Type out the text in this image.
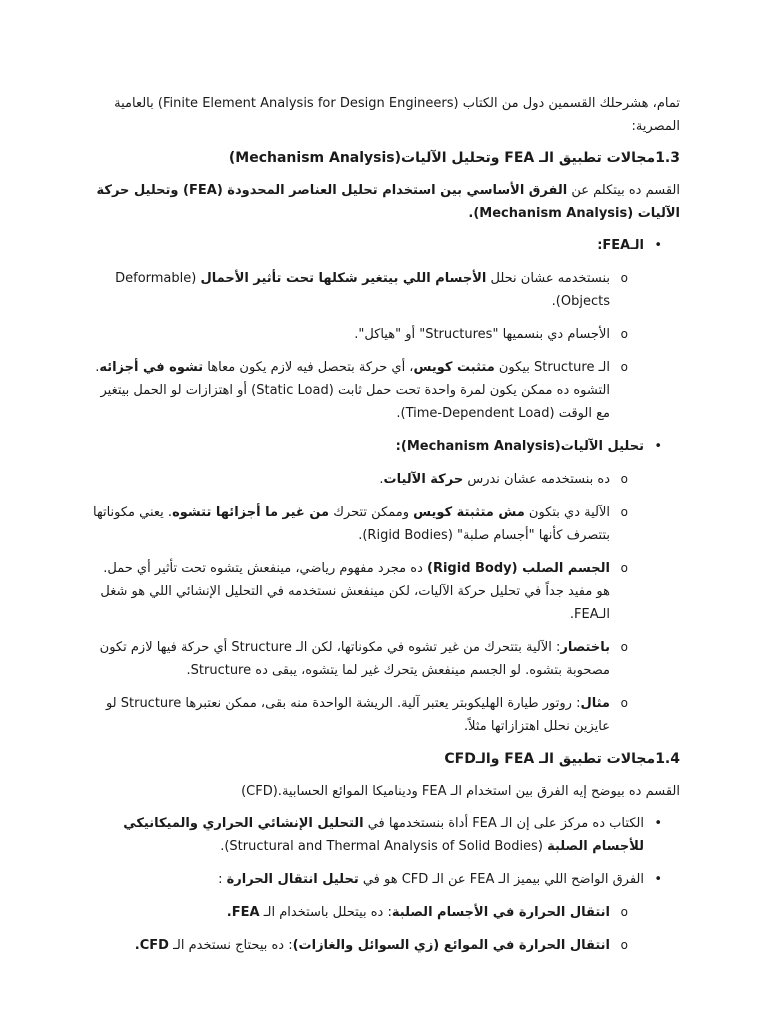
تمام، هشرحلك القسمين دول من الكتاب (Finite Element Analysis for Design Engineers) بالعامية المصرية:

1.3مجالات تطبيق الـ FEA وتحليل الآليات(Mechanism Analysis)

القسم ده بيتكلم عن الفرق الأساسي بين استخدام تحليل العناصر المحدودة (FEA) وتحليل حركة الآليات (Mechanism Analysis).

• الـFEA:
o بنستخدمه عشان نحلل الأجسام اللي بيتغير شكلها تحت تأثير الأحمال (Deformable Objects).
o الأجسام دي بنسميها "Structures" أو "هياكل".
o الـ Structure بيكون متثبت كويس، أي حركة بتحصل فيه لازم يكون معاها تشوه في أجزائه. التشوه ده ممكن يكون لمرة واحدة تحت حمل ثابت (Static Load) أو اهتزازات لو الحمل بيتغير مع الوقت (Time-Dependent Load).
• تحليل الآليات(Mechanism Analysis):
o ده بنستخدمه عشان ندرس حركة الآليات.
o الآلية دي بتكون مش متثبتة كويس وممكن تتحرك من غير ما أجزائها تتشوه. يعني مكوناتها بتتصرف كأنها "أجسام صلبة" (Rigid Bodies).
o الجسم الصلب (Rigid Body) ده مجرد مفهوم رياضي، مينفعش يتشوه تحت تأثير أي حمل. هو مفيد جداً في تحليل حركة الآليات، لكن مينفعش نستخدمه في التحليل الإنشائي اللي هو شغل الـFEA.
o باختصار: الآلية بتتحرك من غير تشوه في مكوناتها، لكن الـ Structure أي حركة فيها لازم تكون مصحوبة بتشوه. لو الجسم مينفعش يتحرك غير لما يتشوه، يبقى ده Structure.
o مثال: روتور طيارة الهليكوبتر يعتبر آلية. الريشة الواحدة منه بقى، ممكن نعتبرها Structure لو عايزين نحلل اهتزازاتها مثلاً.

1.4مجالات تطبيق الـ FEA والـCFD

القسم ده بيوضح إيه الفرق بين استخدام الـ FEA وديناميكا الموائع الحسابية.(CFD)

• الكتاب ده مركز على إن الـ FEA أداة بنستخدمها في التحليل الإنشائي الحراري والميكانيكي للأجسام الصلبة (Structural and Thermal Analysis of Solid Bodies).
• الفرق الواضح اللي بيميز الـ FEA عن الـ CFD هو في تحليل انتقال الحرارة :
o انتقال الحرارة في الأجسام الصلبة: ده بيتحلل باستخدام الـ FEA.
o انتقال الحرارة في الموائع (زي السوائل والغازات): ده بيحتاج نستخدم الـ CFD.
